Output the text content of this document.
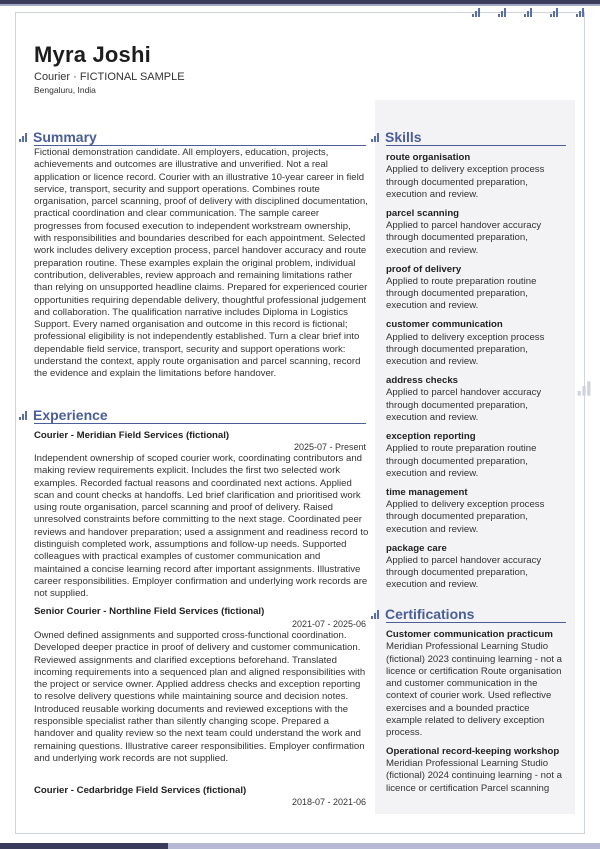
Myra Joshi
Courier · FICTIONAL SAMPLE
Bengaluru, India
Summary
Fictional demonstration candidate. All employers, education, projects, achievements and outcomes are illustrative and unverified. Not a real application or licence record. Courier with an illustrative 10-year career in field service, transport, security and support operations. Combines route organisation, parcel scanning, proof of delivery with disciplined documentation, practical coordination and clear communication. The sample career progresses from focused execution to independent workstream ownership, with responsibilities and boundaries described for each appointment. Selected work includes delivery exception process, parcel handover accuracy and route preparation routine. These examples explain the original problem, individual contribution, deliverables, review approach and remaining limitations rather than relying on unsupported headline claims. Prepared for experienced courier opportunities requiring dependable delivery, thoughtful professional judgement and collaboration. The qualification narrative includes Diploma in Logistics Support. Every named organisation and outcome in this record is fictional; professional eligibility is not independently established. Turn a clear brief into dependable field service, transport, security and support operations work: understand the context, apply route organisation and parcel scanning, record the evidence and explain the limitations before handover.
Experience
Courier - Meridian Field Services (fictional)
2025-07 - Present
Independent ownership of scoped courier work, coordinating contributors and making review requirements explicit. Includes the first two selected work examples. Recorded factual reasons and coordinated next actions. Applied scan and count checks at handoffs. Led brief clarification and prioritised work using route organisation, parcel scanning and proof of delivery. Raised unresolved constraints before committing to the next stage. Coordinated peer reviews and handover preparation; used a assignment and readiness record to distinguish completed work, assumptions and follow-up needs. Supported colleagues with practical examples of customer communication and maintained a concise learning record after important assignments. Illustrative career responsibilities. Employer confirmation and underlying work records are not supplied.
Senior Courier - Northline Field Services (fictional)
2021-07 - 2025-06
Owned defined assignments and supported cross-functional coordination. Developed deeper practice in proof of delivery and customer communication. Reviewed assignments and clarified exceptions beforehand. Translated incoming requirements into a sequenced plan and aligned responsibilities with the project or service owner. Applied address checks and exception reporting to resolve delivery questions while maintaining source and decision notes. Introduced reusable working documents and reviewed exceptions with the responsible specialist rather than silently changing scope. Prepared a handover and quality review so the next team could understand the work and remaining questions. Illustrative career responsibilities. Employer confirmation and underlying work records are not supplied.
Courier - Cedarbridge Field Services (fictional)
2018-07 - 2021-06
Skills
route organisation
Applied to delivery exception process through documented preparation, execution and review.
parcel scanning
Applied to parcel handover accuracy through documented preparation, execution and review.
proof of delivery
Applied to route preparation routine through documented preparation, execution and review.
customer communication
Applied to delivery exception process through documented preparation, execution and review.
address checks
Applied to parcel handover accuracy through documented preparation, execution and review.
exception reporting
Applied to route preparation routine through documented preparation, execution and review.
time management
Applied to delivery exception process through documented preparation, execution and review.
package care
Applied to parcel handover accuracy through documented preparation, execution and review.
Certifications
Customer communication practicum
Meridian Professional Learning Studio (fictional) 2023 continuing learning - not a licence or certification Route organisation and customer communication in the context of courier work. Used reflective exercises and a bounded practice example related to delivery exception process.
Operational record-keeping workshop
Meridian Professional Learning Studio (fictional) 2024 continuing learning - not a licence or certification Parcel scanning
